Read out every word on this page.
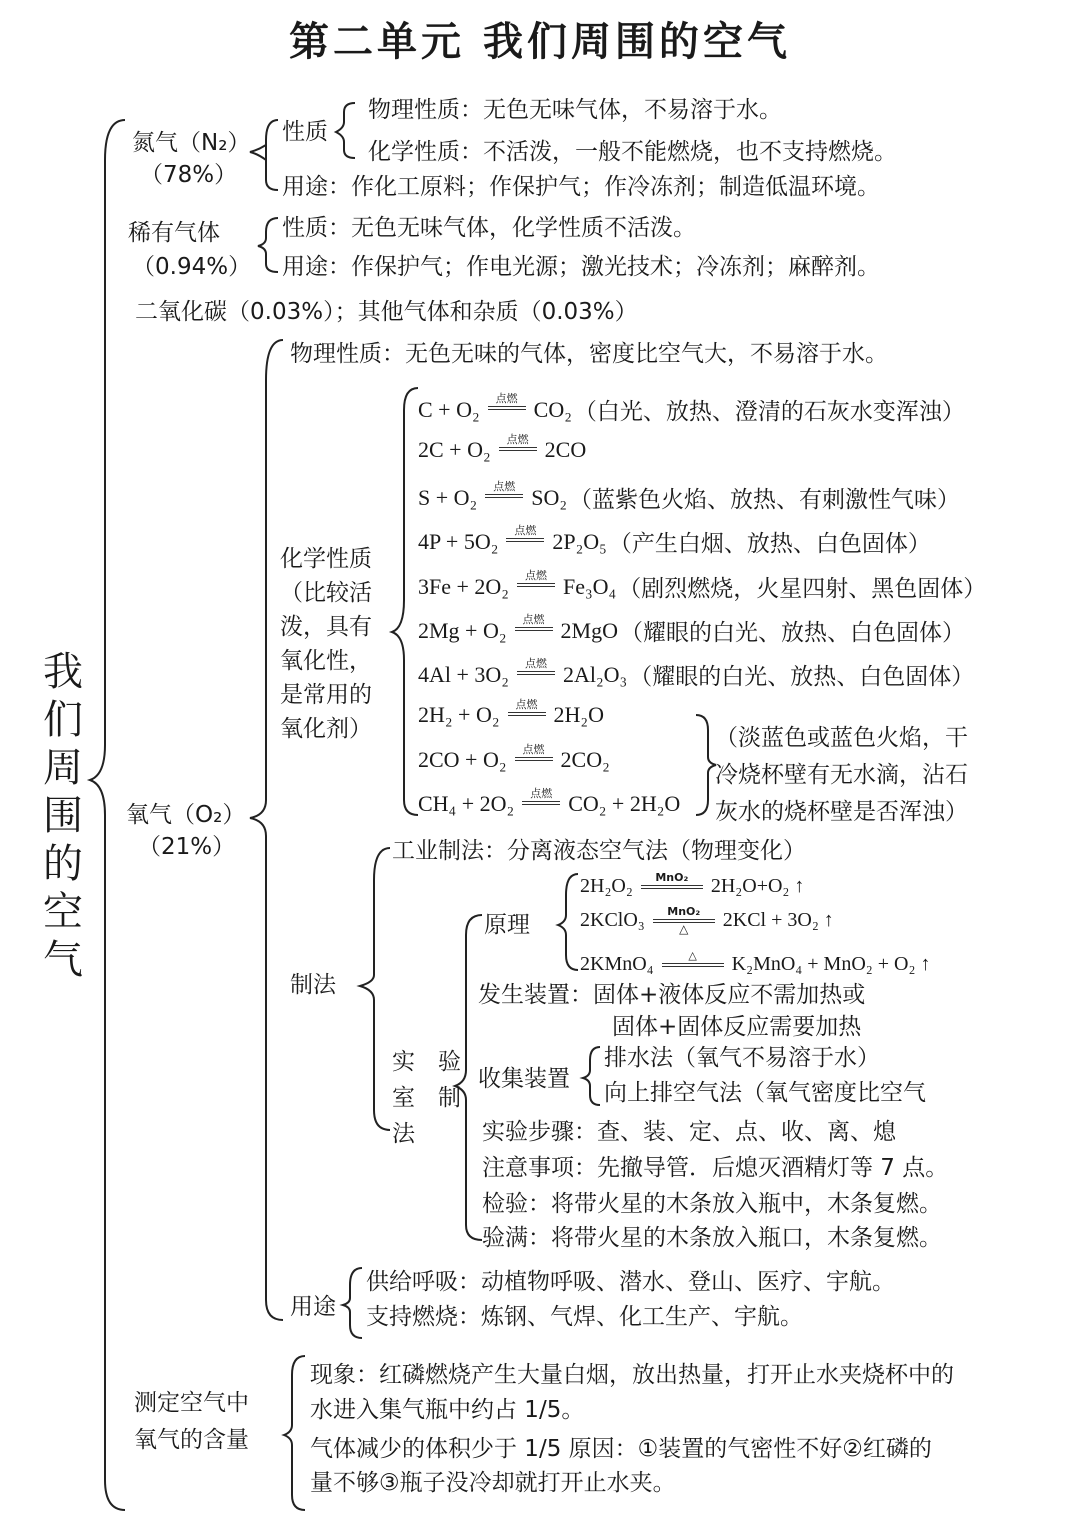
第二单元 我们周围的空气
我
们
周
围
的
空
气
氮气（N₂）
（78%）
性质
物理性质：无色无味气体，不易溶于水。
化学性质：不活泼，一般不能燃烧，也不支持燃烧。
用途：作化工原料；作保护气；作冷冻剂；制造低温环境。
稀有气体
（0.94%）
性质：无色无味气体，化学性质不活泼。
用途：作保护气；作电光源；激光技术；冷冻剂；麻醉剂。
二氧化碳（0.03%）；其他气体和杂质（0.03%）
氧气（O₂）
（21%）
物理性质：无色无味的气体，密度比空气大，不易溶于水。
化学性质
（比较活
泼，具有
氧化性，
是常用的
氧化剂）
C + O₂	点燃 CO₂ （白光、放热、澄清的石灰水变浑浊）
2C + O₂	点燃 2CO
S + O₂	点燃 SO₂ （蓝紫色火焰、放热、有刺激性气味）
4P + 5O₂	点燃 2P₂O₅ （产生白烟、放热、白色固体）
3Fe + 2O₂	点燃 Fe₃O₄ （剧烈燃烧，火星四射、黑色固体）
2Mg + O₂	点燃 2MgO （耀眼的白光、放热、白色固体）
4Al + 3O₂	点燃 2Al₂O₃ （耀眼的白光、放热、白色固体）
2H₂ + O₂	点燃 2H₂O
2CO + O₂	点燃 2CO₂
CH₄ + 2O₂	点燃 CO₂ + 2H₂O
（淡蓝色或蓝色火焰，干
冷烧杯壁有无水滴，沾石
灰水的烧杯壁是否浑浊）
制法
工业制法：分离液态空气法（物理变化）
实　验
室　制
法
原理
2H₂O₂	MnO₂
	2H₂O+O₂ ↑
2KClO₃	MnO₂
△	2KCl + 3O₂ ↑
2KMnO₄	△
	K₂MnO₄ + MnO₂ + O₂ ↑
发生装置：固体+液体反应不需加热或
固体+固体反应需要加热
收集装置
排水法（氧气不易溶于水）
向上排空气法（氧气密度比空气
实验步骤：查、装、定、点、收、离、熄
注意事项：先撤导管．后熄灭酒精灯等 7 点。
检验：将带火星的木条放入瓶中，木条复燃。
验满：将带火星的木条放入瓶口，木条复燃。
用途
供给呼吸：动植物呼吸、潜水、登山、医疗、宇航。
支持燃烧：炼钢、气焊、化工生产、宇航。
测定空气中
氧气的含量
现象：红磷燃烧产生大量白烟，放出热量，打开止水夹烧杯中的
水进入集气瓶中约占 1/5。
气体减少的体积少于 1/5 原因：①装置的气密性不好②红磷的
量不够③瓶子没冷却就打开止水夹。
